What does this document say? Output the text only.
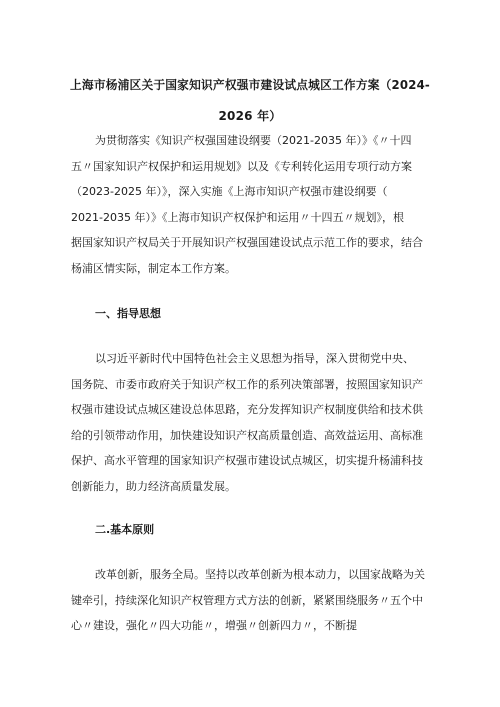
上海市杨浦区关于国家知识产权强市建设试点城区工作方案（2024-
2026 年）
为贯彻落实《知识产权强国建设纲要（2021-2035 年）》《〃十四
五〃国家知识产权保护和运用规划》以及《专利转化运用专项行动方案
（2023-2025 年）》，深入实施《上海市知识产权强市建设纲要（
2021-2035 年）》《上海市知识产权保护和运用〃十四五〃规划》，根
据国家知识产权局关于开展知识产权强国建设试点示范工作的要求，结合
杨浦区情实际，制定本工作方案。
一、指导思想
以习近平新时代中国特色社会主义思想为指导，深入贯彻党中央、
国务院、市委市政府关于知识产权工作的系列决策部署，按照国家知识产
权强市建设试点城区建设总体思路，充分发挥知识产权制度供给和技术供
给的引领带动作用，加快建设知识产权高质量创造、高效益运用、高标准
保护、高水平管理的国家知识产权强市建设试点城区，切实提升杨浦科技
创新能力，助力经济高质量发展。
二.基本原则
改革创新，服务全局。坚持以改革创新为根本动力，以国家战略为关
键牵引，持续深化知识产权管理方式方法的创新，紧紧围绕服务〃五个中
心〃建设，强化〃四大功能〃，增强〃创新四力〃，不断提
